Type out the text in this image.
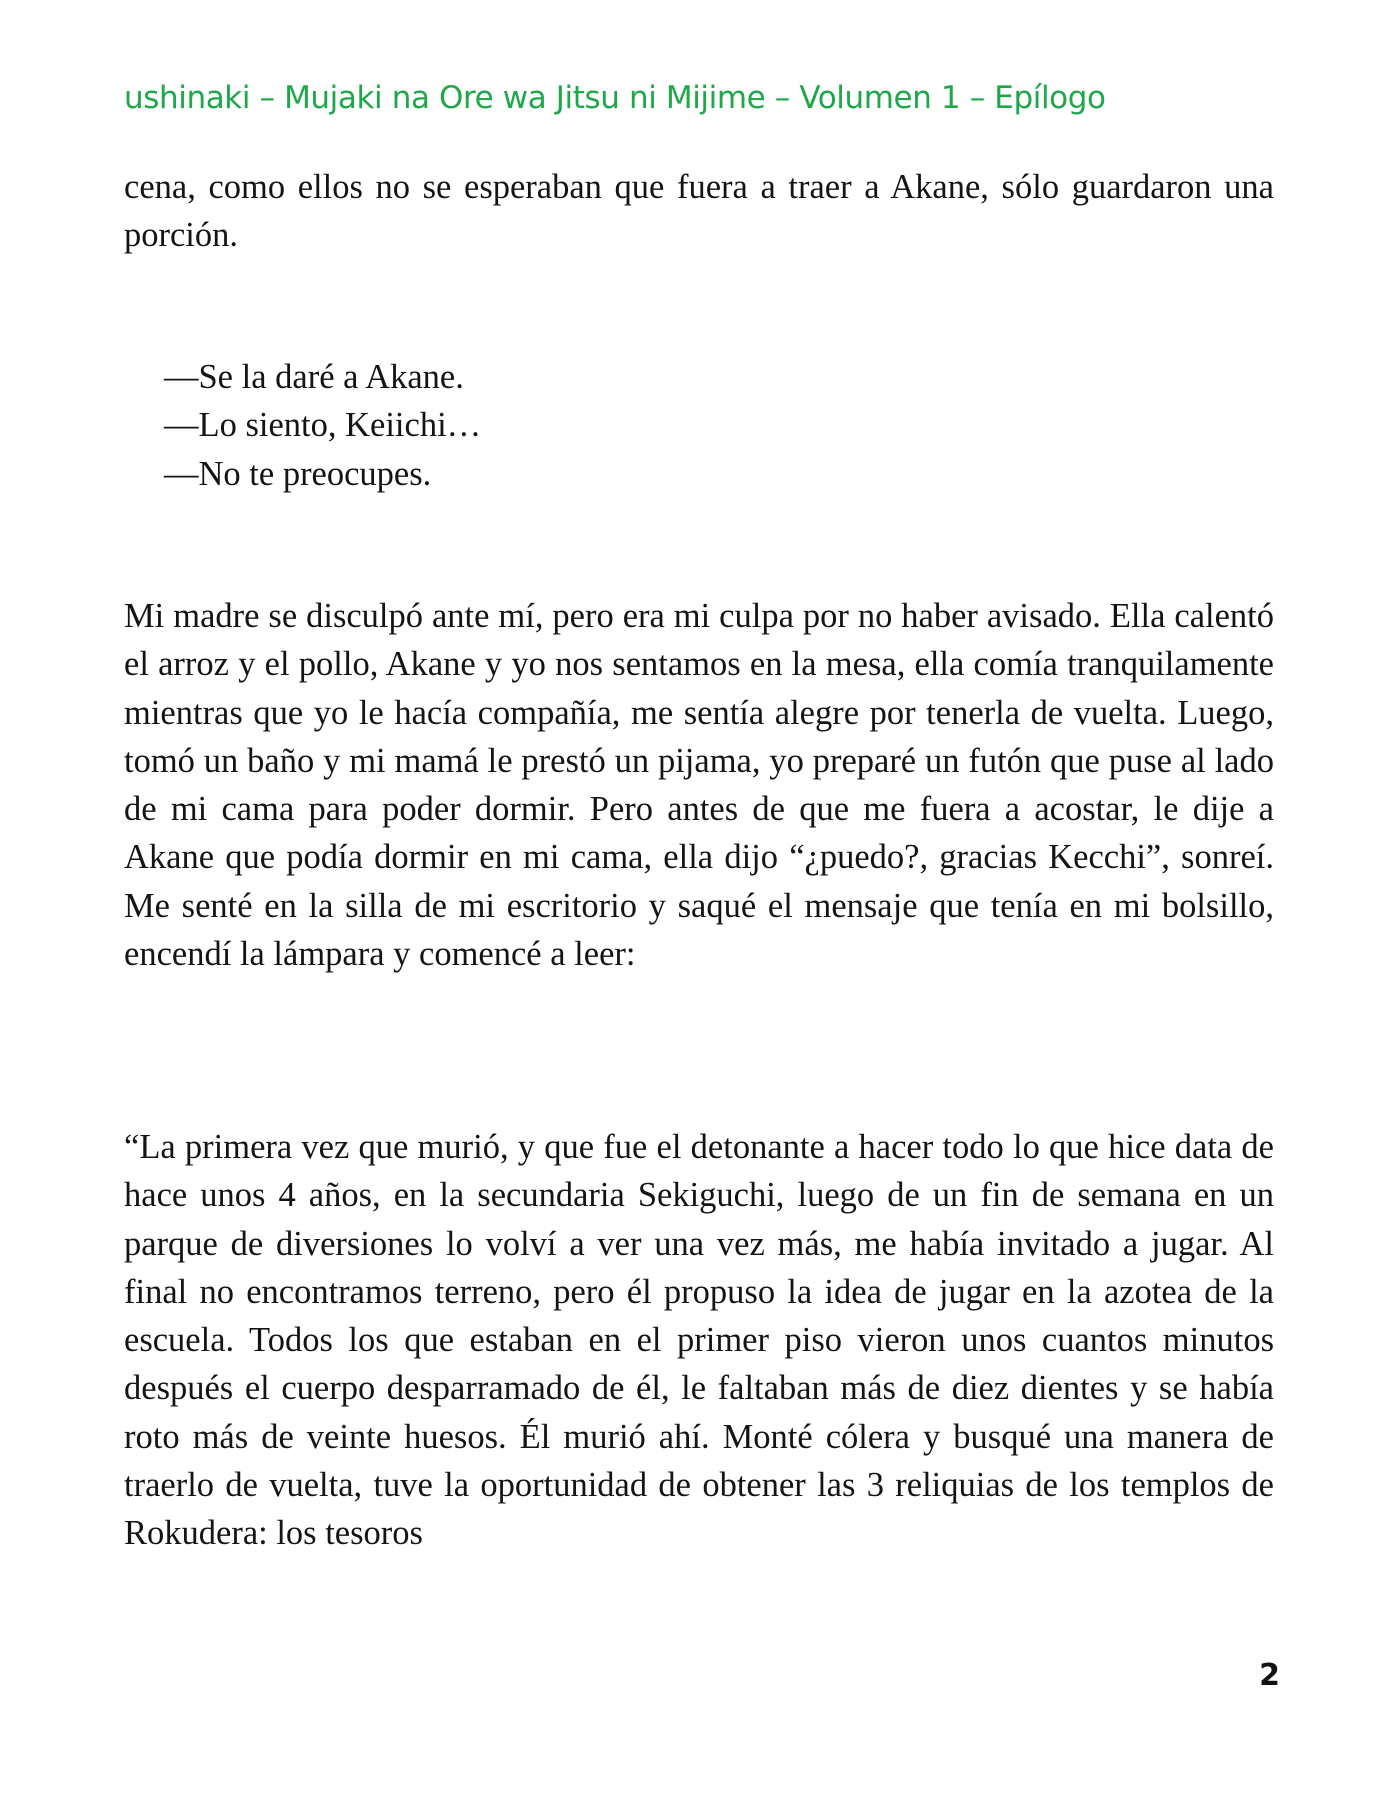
ushinaki – Mujaki na Ore wa Jitsu ni Mijime – Volumen 1 – Epílogo

cena, como ellos no se esperaban que fuera a traer a Akane, sólo guardaron una porción.

—Se la daré a Akane.
—Lo siento, Keiichi…
—No te preocupes.

Mi madre se disculpó ante mí, pero era mi culpa por no haber avisado. Ella calentó el arroz y el pollo, Akane y yo nos sentamos en la mesa, ella comía tranquilamente mientras que yo le hacía compañía, me sentía alegre por tenerla de vuelta. Luego, tomó un baño y mi mamá le prestó un pijama, yo preparé un futón que puse al lado de mi cama para poder dormir. Pero antes de que me fuera a acostar, le dije a Akane que podía dormir en mi cama, ella dijo “¿puedo?, gracias Kecchi”, sonreí. Me senté en la silla de mi escritorio y saqué el mensaje que tenía en mi bolsillo, encendí la lámpara y comencé a leer:

“La primera vez que murió, y que fue el detonante a hacer todo lo que hice data de hace unos 4 años, en la secundaria Sekiguchi, luego de un fin de semana en un parque de diversiones lo volví a ver una vez más, me había invitado a jugar. Al final no encontramos terreno, pero él propuso la idea de jugar en la azotea de la escuela. Todos los que estaban en el primer piso vieron unos cuantos minutos después el cuerpo desparramado de él, le faltaban más de diez dientes y se había roto más de veinte huesos. Él murió ahí. Monté cólera y busqué una manera de traerlo de vuelta, tuve la oportunidad de obtener las 3 reliquias de los templos de Rokudera: los tesoros

2
